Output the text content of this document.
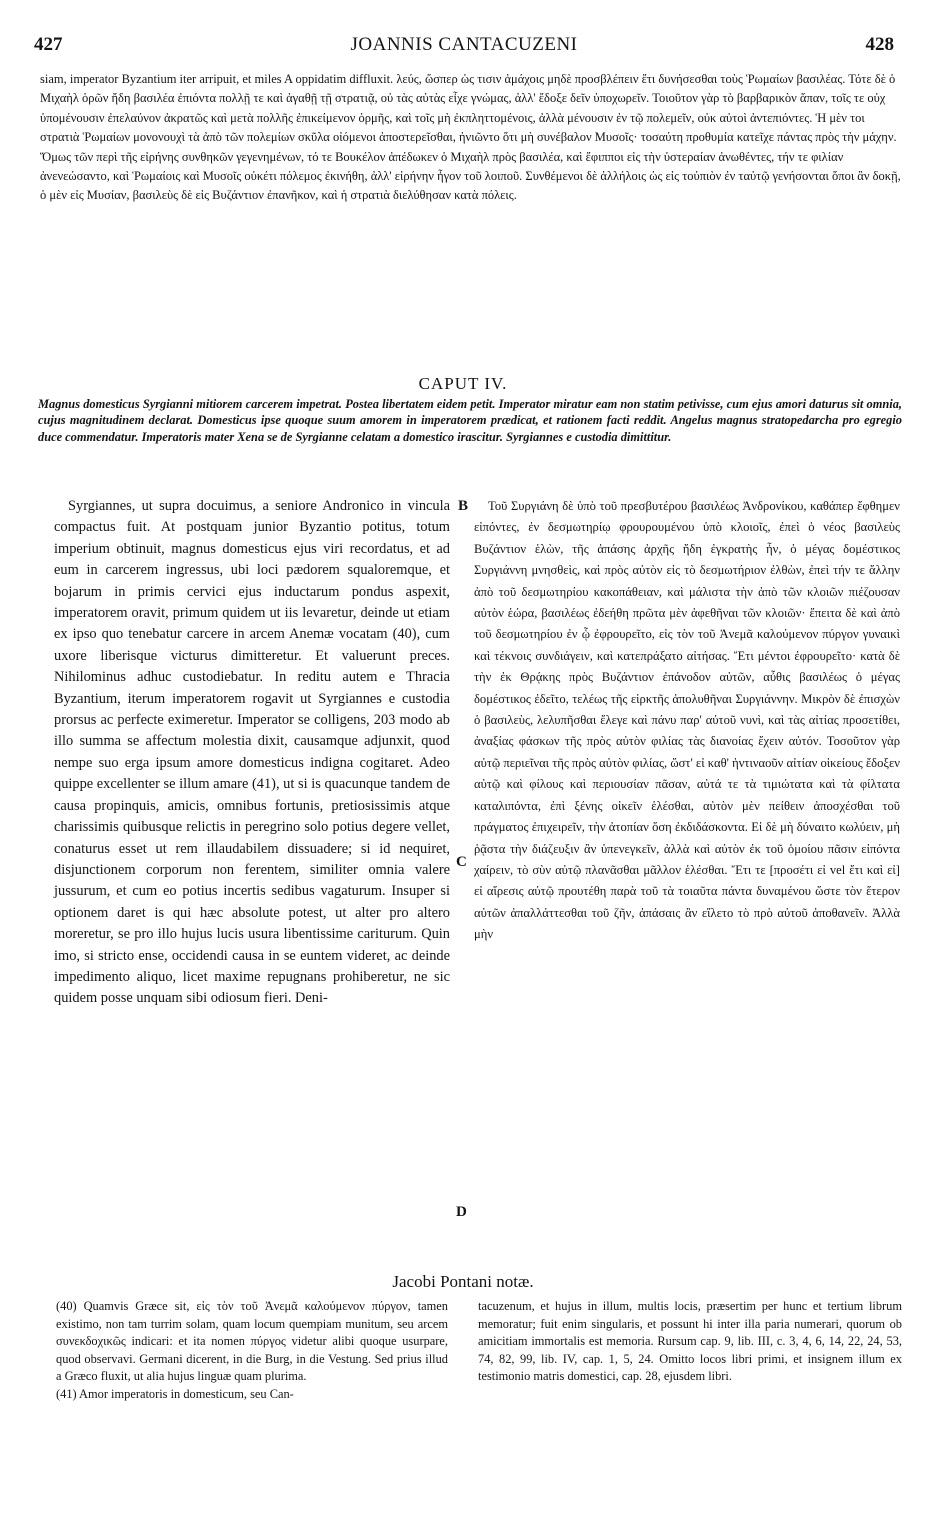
427	JOANNIS CANTACUZENI	428
siam, imperator Byzantium iter arripuit, et miles A oppidatim diffluxit. λεύς, ὥσπερ ὡς τισιν ἀμάχοις μηδὲ προσβλέπειν ἔτι δυνήσεσθαι τοὺς Ῥωμαίων βασιλέας. Τότε δὲ ὁ Μιχαὴλ ὁρῶν ἤδη βασιλέα ἐπιόντα πολλῇ τε καὶ ἀγαθῇ τῇ στρατιᾷ, οὐ τὰς αὐτὰς εἶχε γνώμας, ἀλλ' ἔδοξε δεῖν ὑποχωρεῖν. Τοιοῦτον γὰρ τὸ βαρβαρικὸν ἅπαν, τοῖς τε οὐχ ὑπομένουσιν ἐπελαύνον ἀκρατῶς καὶ μετὰ πολλῆς ἐπικείμενον ὁρμῆς, καὶ τοῖς μὴ ἐκπληττομένοις, ἀλλὰ μένουσιν ἐν τῷ πολεμεῖν, οὐκ αὐτοὶ ἀντεπιόντες. Ἡ μὲν τοι στρατιὰ Ῥωμαίων μονονουχὶ τὰ ἀπὸ τῶν πολεμίων σκῦλα οἰόμενοι ἀποστερεῖσθαι, ἠνιῶντο ὅτι μὴ συνέβαλον Μυσοῖς· τοσαύτη προθυμία κατεῖχε πάντας πρὸς τὴν μάχην. Ὅμως τῶν περὶ τῆς εἰρήνης συνθηκῶν γεγενημένων, τό τε Βουκέλον ἀπέδωκεν ὁ Μιχαὴλ πρὸς βασιλέα, καὶ ἔφιπποι εἰς τὴν ὑστεραίαν ἀνωθέντες, τήν τε φιλίαν ἀνενεώσαντο, καὶ Ῥωμαίοις καὶ Μυσοῖς οὐκέτι πόλεμος ἐκινήθη, ἀλλ' εἰρήνην ἦγον τοῦ λοιποῦ. Συνθέμενοι δὲ ἀλλήλοις ὡς εἰς τοὐπιὸν ἐν ταὐτῷ γενήσονται ὅποι ἂν δοκῇ, ὁ μὲν εἰς Μυσίαν, βασιλεὺς δὲ εἰς Βυζάντιον ἐπανῆκον, καὶ ἡ στρατιὰ διελύθησαν κατὰ πόλεις.
CAPUT IV.
Magnus domesticus Syrgianni mitiorem carcerem impetrat. Postea libertatem eidem petit. Imperator miratur eam non statim petivisse, cum ejus amori daturus sit omnia, cujus magnitudinem declarat. Domesticus ipse quoque suum amorem in imperatorem prædicat, et rationem facti reddit. Angelus magnus stratopedarcha pro egregio duce commendatur. Imperatoris mater Xena se de Syrgianne celatam a domestico irascitur. Syrgiannes e custodia dimittitur.

Syrgiannes, ut supra docuimus, a seniore Andronico in vincula compactus fuit. At postquam junior Byzantio potitus, totum imperium obtinuit, magnus domesticus ejus viri recordatus, et ad eum in carcerem ingressus, ubi loci pædorem squaloremque, et bojarum in primis cervici ejus inductarum pondus aspexit, imperatorem oravit, primum quidem ut iis levaretur, deinde ut etiam ex ipso quo tenebatur carcere in arcem Anemæ vocatam (40), cum uxore liberisque victurus dimitteretur. Et valuerunt preces. Nihilominus adhuc custodiebatur. In reditu autem e Thracia Byzantium, iterum imperatorem rogavit ut Syrgiannes e custodia prorsus ac perfecte eximeretur. Imperator se colligens, 203 modo ab illo summa se affectum molestia dixit, causamque adjunxit, quod nempe suo erga ipsum amore domesticus indigna cogitaret. Adeo quippe excellenter se illum amare (41), ut si is quacunque tandem de causa propinquis, amicis, omnibus fortunis, pretiosissimis atque charissimis quibusque relictis in peregrino solo potius degere vellet, conaturus esset ut rem illaudabilem dissuadere; si id nequiret, disjunctionem corporum non ferentem, similiter omnia valere jussurum, et cum eo potius incertis sedibus vagaturum. Insuper si optionem daret is qui hæc absolute potest, ut alter pro altero moreretur, se pro illo hujus lucis usura libentissime cariturum. Quin imo, si stricto ense, occidendi causa in se euntem videret, ac deinde impedimento aliquo, licet maxime repugnans prohiberetur, ne sic quidem posse unquam sibi odiosum fieri. Deni-

B
C
D

Τοῦ Συργιάνη δὲ ὑπὸ τοῦ πρεσβυτέρου βασιλέως Ἀνδρονίκου, καθάπερ ἔφθημεν εἰπόντες, ἐν δεσμωτηρίῳ φρουρουμένου ὑπὸ κλοιοῖς, ἐπεὶ ὁ νέος βασιλεὺς Βυζάντιον ἑλὼν, τῆς ἁπάσης ἀρχῆς ἤδη ἐγκρατὴς ἦν, ὁ μέγας δομέστικος Συργιάννη μνησθεὶς, καὶ πρὸς αὐτὸν εἰς τὸ δεσμωτήριον ἐλθὼν, ἐπεὶ τήν τε ἄλλην ἀπὸ τοῦ δεσμωτηρίου κακοπάθειαν, καὶ μάλιστα τὴν ἀπὸ τῶν κλοιῶν πιέζουσαν αὐτὸν ἑώρα, βασιλέως ἐδεήθη πρῶτα μὲν ἀφεθῆναι τῶν κλοιῶν· ἔπειτα δὲ καὶ ἀπὸ τοῦ δεσμωτηρίου ἐν ᾧ ἐφρουρεῖτο, εἰς τὸν τοῦ Ἀνεμᾶ καλούμενον πύργον γυναικὶ καὶ τέκνοις συνδιάγειν, καὶ κατεπράξατο αἰτήσας. Ἔτι μέντοι ἐφρουρεῖτο· κατὰ δὲ τὴν ἐκ Θρᾴκης πρὸς Βυζάντιον ἐπάνοδον αὐτῶν, αὖθις βασιλέως ὁ μέγας δομέστικος ἐδεῖτο, τελέως τῆς εἱρκτῆς ἀπολυθῆναι Συργιάννην. Μικρὸν δὲ ἐπισχὼν ὁ βασιλεὺς, λελυπῆσθαι ἔλεγε καὶ πάνυ παρ' αὐτοῦ νυνὶ, καὶ τὰς αἰτίας προσετίθει, ἀναξίας φάσκων τῆς πρὸς αὐτὸν φιλίας τὰς διανοίας ἔχειν αὐτόν. Τοσοῦτον γὰρ αὐτῷ περιεῖναι τῆς πρὸς αὐτὸν φιλίας, ὥστ' εἰ καθ' ἡντιναοῦν αἰτίαν οἰκείους ἔδοξεν αὐτῷ καὶ φίλους καὶ περιουσίαν πᾶσαν, αὐτά τε τὰ τιμιώτατα καὶ τὰ φίλτατα καταλιπόντα, ἐπὶ ξένης οἰκεῖν ἑλέσθαι, αὐτὸν μὲν πείθειν ἀποσχέσθαι τοῦ πράγματος ἐπιχειρεῖν, τὴν ἀτοπίαν ὅση ἐκδιδάσκοντα. Εἰ δὲ μὴ δύναιτο κωλύειν, μὴ ῥᾷστα τὴν διάζευξιν ἂν ὑπενεγκεῖν, ἀλλὰ καὶ αὐτὸν ἐκ τοῦ ὁμοίου πᾶσιν εἰπόντα χαίρειν, τὸ σὺν αὐτῷ πλανᾶσθαι μᾶλλον ἑλέσθαι. Ἔτι τε [προσέτι εἰ vel ἔτι καὶ εἰ] εἰ αἵρεσις αὐτῷ προυτέθη παρὰ τοῦ τὰ τοιαῦτα πάντα δυναμένου ὥστε τὸν ἕτερον αὐτῶν ἀπαλλάττεσθαι τοῦ ζῆν, ἀπάσαις ἂν εἵλετο τὸ πρὸ αὐτοῦ ἀποθανεῖν. Ἀλλὰ μὴν

Jacobi Pontani notæ.

(40) Quamvis Græce sit, εἰς τὸν τοῦ Ἀνεμᾶ καλούμενον πύργον, tamen existimo, non tam turrim solam, quam locum quempiam munitum, seu arcem συνεκδοχικῶς indicari: et ita nomen πύργος videtur alibi quoque usurpare, quod observavi. Germani dicerent, in die Burg, in die Vestung. Sed prius illud a Græco fluxit, ut alia hujus linguæ quam plurima.

(41) Amor imperatoris in domesticum, seu Can-

tacuzenum, et hujus in illum, multis locis, præsertim per hunc et tertium librum memoratur; fuit enim singularis, et possunt hi inter illa paria numerari, quorum ob amicitiam immortalis est memoria. Rursum cap. 9, lib. III, c. 3, 4, 6, 14, 22, 24, 53, 74, 82, 99, lib. IV, cap. 1, 5, 24. Omitto locos libri primi, et insignem illum ex testimonio matris domestici, cap. 28, ejusdem libri.
